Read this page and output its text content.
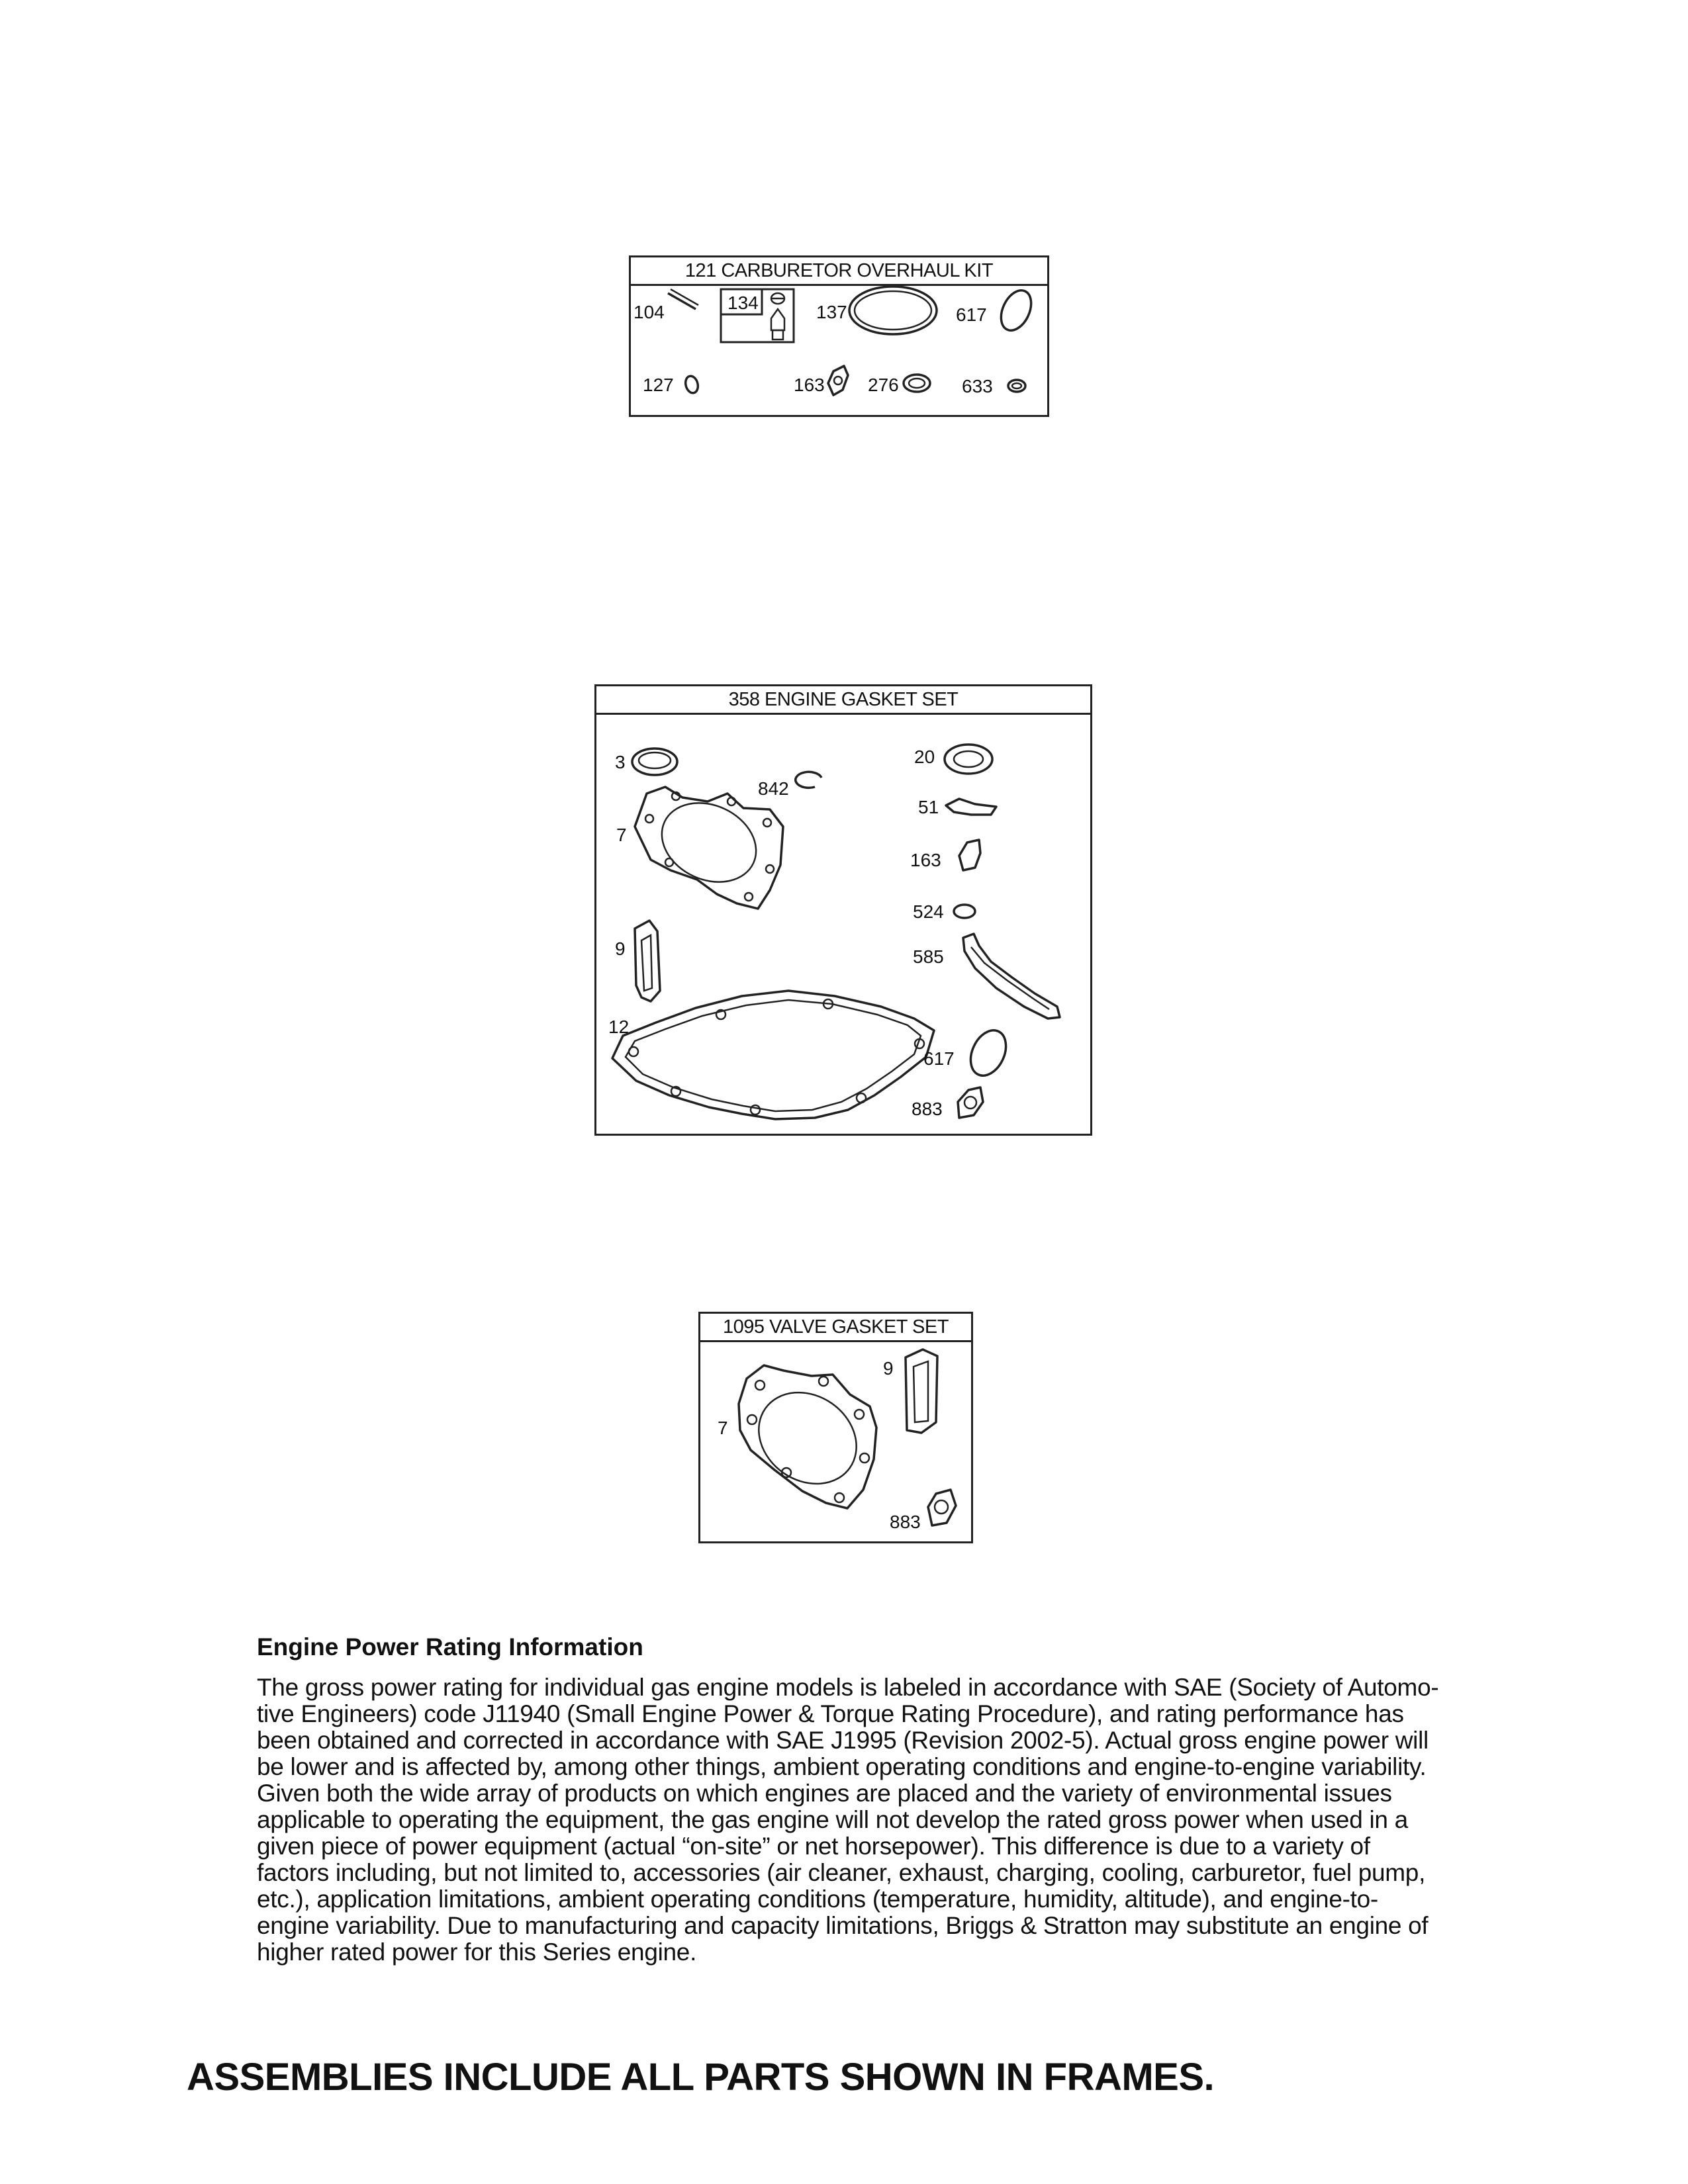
121 CARBURETOR OVERHAUL KIT
104	134	137	617
127	163 276	633
358 ENGINE GASKET SET
3
842
20
51
7
163
524
9	585
12
617
883
1095 VALVE GASKET SET
9
7
883
Engine Power Rating Information

The gross power rating for individual gas engine models is labeled in accordance with SAE (Society of Automo-tive Engineers) code J11940 (Small Engine Power & Torque Rating Procedure), and rating performance has been obtained and corrected in accordance with SAE J1995 (Revision 2002-5). Actual gross engine power will be lower and is affected by, among other things, ambient operating conditions and engine-to-engine variability. Given both the wide array of products on which engines are placed and the variety of environmental issues applicable to operating the equipment, the gas engine will not develop the rated gross power when used in a given piece of power equipment (actual “on-site” or net horsepower). This difference is due to a variety of factors including, but not limited to, accessories (air cleaner, exhaust, charging, cooling, carburetor, fuel pump, etc.), application limitations, ambient operating conditions (temperature, humidity, altitude), and engine-to-engine variability. Due to manufacturing and capacity limitations, Briggs & Stratton may substitute an engine of higher rated power for this Series engine.

ASSEMBLIES INCLUDE ALL PARTS SHOWN IN FRAMES.
